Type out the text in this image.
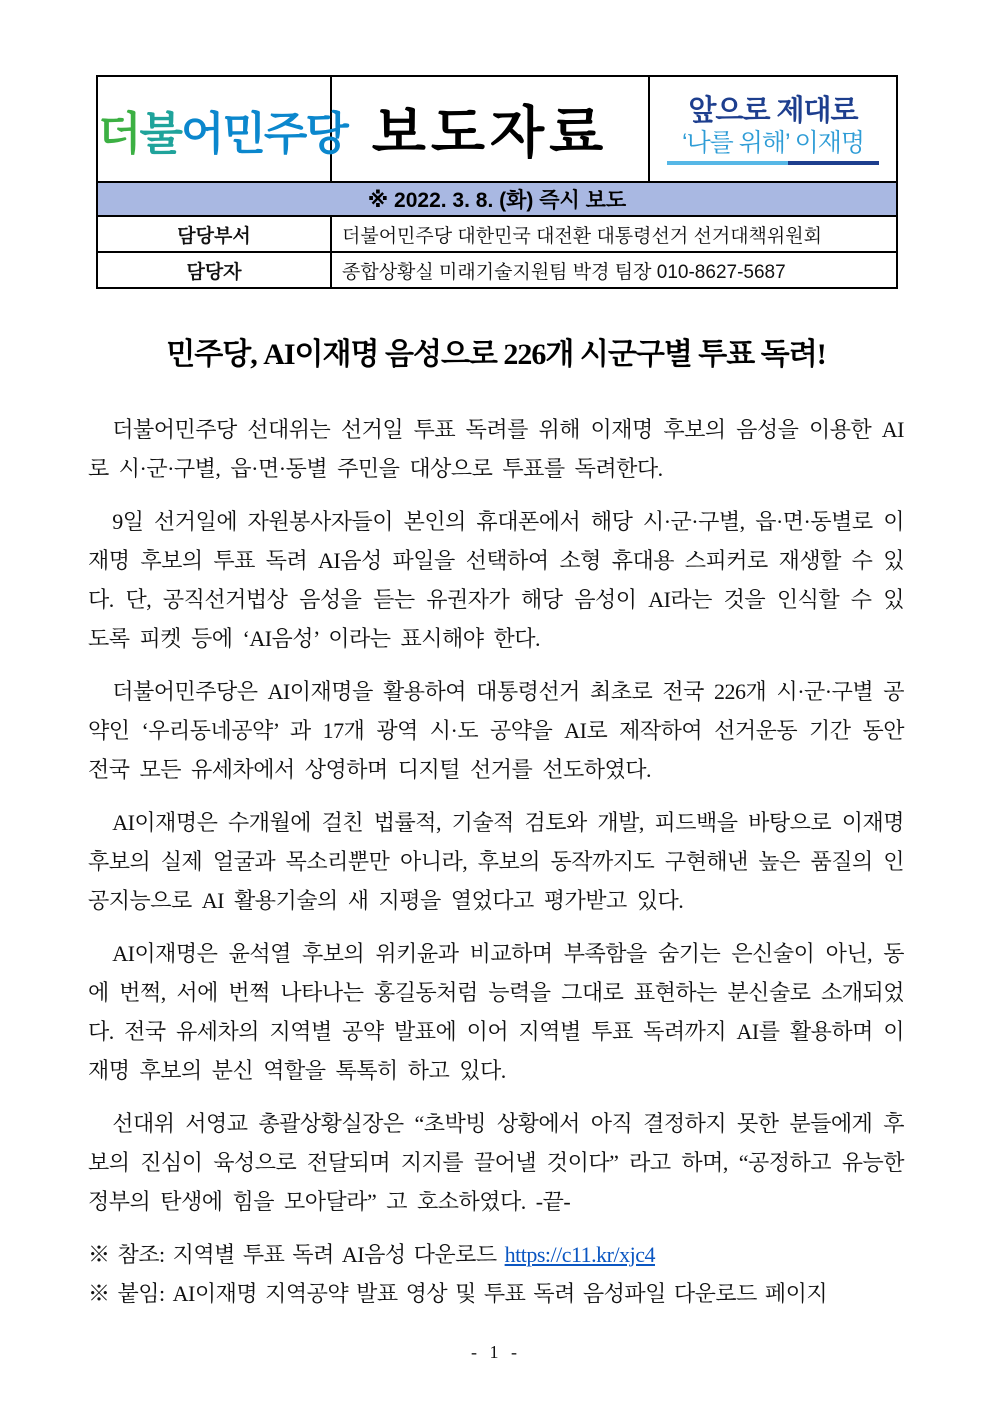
더불어민주당	보도자료	앞으로 제대로
‘나를 위해’ 이재명

※ 2022. 3. 8. (화) 즉시 보도		
담당부서	더불어민주당 대한민국 대전환 대통령선거 선거대책위원회	
담당자	종합상황실 미래기술지원팀 박경 팀장 010-8627-5687	
민주당, AI이재명 음성으로 226개 시군구별 투표 독려!

더불어민주당 선대위는 선거일 투표 독려를 위해 이재명 후보의 음성을 이용한 AI로 시·군·구별, 읍·면·동별 주민을 대상으로 투표를 독려한다.

9일 선거일에 자원봉사자들이 본인의 휴대폰에서 해당 시·군·구별, 읍·면·동별로 이재명 후보의 투표 독려 AI음성 파일을 선택하여 소형 휴대용 스피커로 재생할 수 있다. 단, 공직선거법상 음성을 듣는 유권자가 해당 음성이 AI라는 것을 인식할 수 있도록 피켓 등에 ‘AI음성’ 이라는 표시해야 한다.

더불어민주당은 AI이재명을 활용하여 대통령선거 최초로 전국 226개 시·군·구별 공약인 ‘우리동네공약’ 과 17개 광역 시·도 공약을 AI로 제작하여 선거운동 기간 동안 전국 모든 유세차에서 상영하며 디지털 선거를 선도하였다.

AI이재명은 수개월에 걸친 법률적, 기술적 검토와 개발, 피드백을 바탕으로 이재명 후보의 실제 얼굴과 목소리뿐만 아니라, 후보의 동작까지도 구현해낸 높은 품질의 인공지능으로 AI 활용기술의 새 지평을 열었다고 평가받고 있다.

AI이재명은 윤석열 후보의 위키윤과 비교하며 부족함을 숨기는 은신술이 아닌, 동에 번쩍, 서에 번쩍 나타나는 홍길동처럼 능력을 그대로 표현하는 분신술로 소개되었다. 전국 유세차의 지역별 공약 발표에 이어 지역별 투표 독려까지 AI를 활용하며 이재명 후보의 분신 역할을 톡톡히 하고 있다.

선대위 서영교 총괄상황실장은 “초박빙 상황에서 아직 결정하지 못한 분들에게 후보의 진심이 육성으로 전달되며 지지를 끌어낼 것이다” 라고 하며, “공정하고 유능한 정부의 탄생에 힘을 모아달라” 고 호소하였다. -끝-

※ 참조: 지역별 투표 독려 AI음성 다운로드 https://c11.kr/xjc4

※ 붙임: AI이재명 지역공약 발표 영상 및 투표 독려 음성파일 다운로드 페이지

- 1 -
